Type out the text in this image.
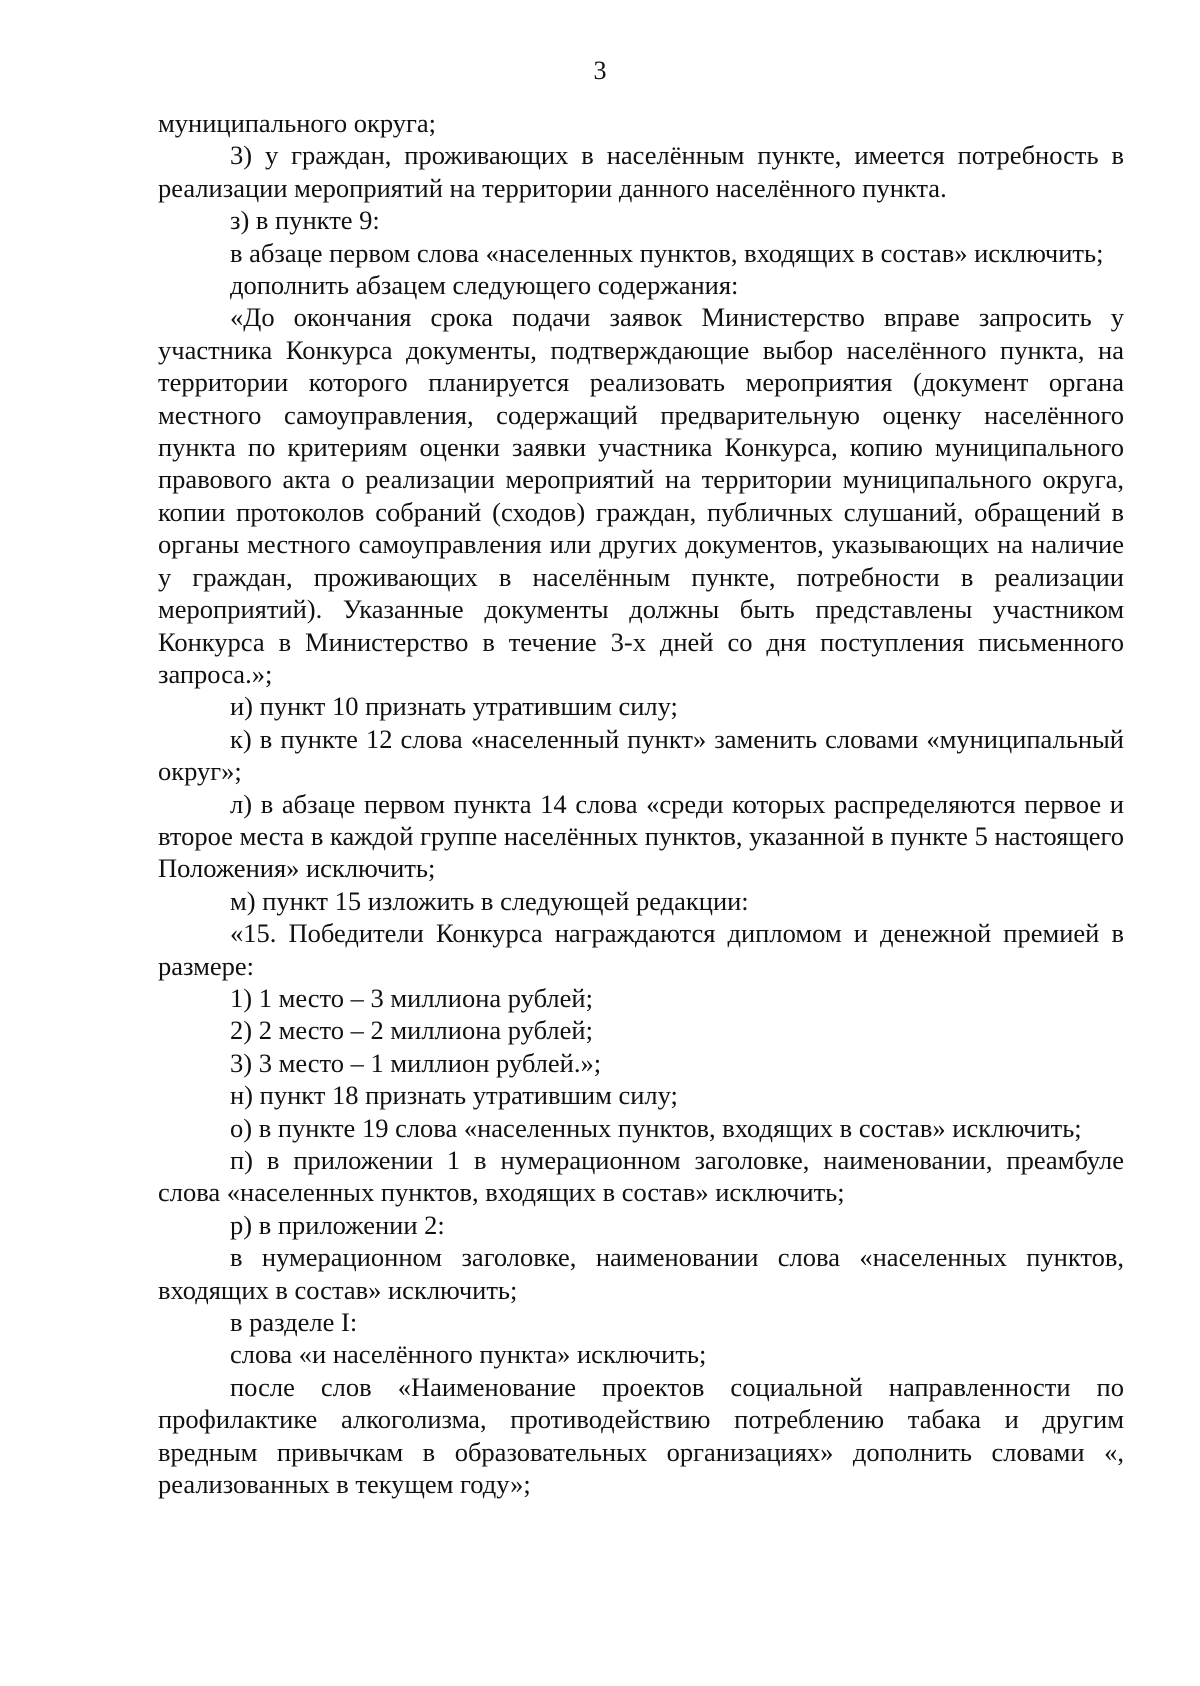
3

муниципального округа;

3) у граждан, проживающих в населённым пункте, имеется потребность в реализации мероприятий на территории данного населённого пункта.

з) в пункте 9:

в абзаце первом слова «населенных пунктов, входящих в состав» исключить;

дополнить абзацем следующего содержания:

«До окончания срока подачи заявок Министерство вправе запросить у участника Конкурса документы, подтверждающие выбор населённого пункта, на территории которого планируется реализовать мероприятия (документ органа местного самоуправления, содержащий предварительную оценку населённого пункта по критериям оценки заявки участника Конкурса, копию муниципального правового акта о реализации мероприятий на территории муниципального округа, копии протоколов собраний (сходов) граждан, публичных слушаний, обращений в органы местного самоуправления или других документов, указывающих на наличие у граждан, проживающих в населённым пункте, потребности в реализации мероприятий). Указанные документы должны быть представлены участником Конкурса в Министерство в течение 3-х дней со дня поступления письменного запроса.»;

и) пункт 10 признать утратившим силу;

к) в пункте 12 слова «населенный пункт» заменить словами «муниципальный округ»;

л) в абзаце первом пункта 14 слова «среди которых распределяются первое и второе места в каждой группе населённых пунктов, указанной в пункте 5 настоящего Положения» исключить;

м) пункт 15 изложить в следующей редакции:

«15. Победители Конкурса награждаются дипломом и денежной премией в размере:

1) 1 место – 3 миллиона рублей;

2) 2 место – 2 миллиона рублей;

3) 3 место – 1 миллион рублей.»;

н) пункт 18 признать утратившим силу;

о) в пункте 19 слова «населенных пунктов, входящих в состав» исключить;

п) в приложении 1 в нумерационном заголовке, наименовании, преамбуле слова «населенных пунктов, входящих в состав» исключить;

р) в приложении 2:

в нумерационном заголовке, наименовании слова «населенных пунктов, входящих в состав» исключить;

в разделе I:

слова «и населённого пункта» исключить;

после слов «Наименование проектов социальной направленности по профилактике алкоголизма, противодействию потреблению табака и другим вредным привычкам в образовательных организациях» дополнить словами «, реализованных в текущем году»;
